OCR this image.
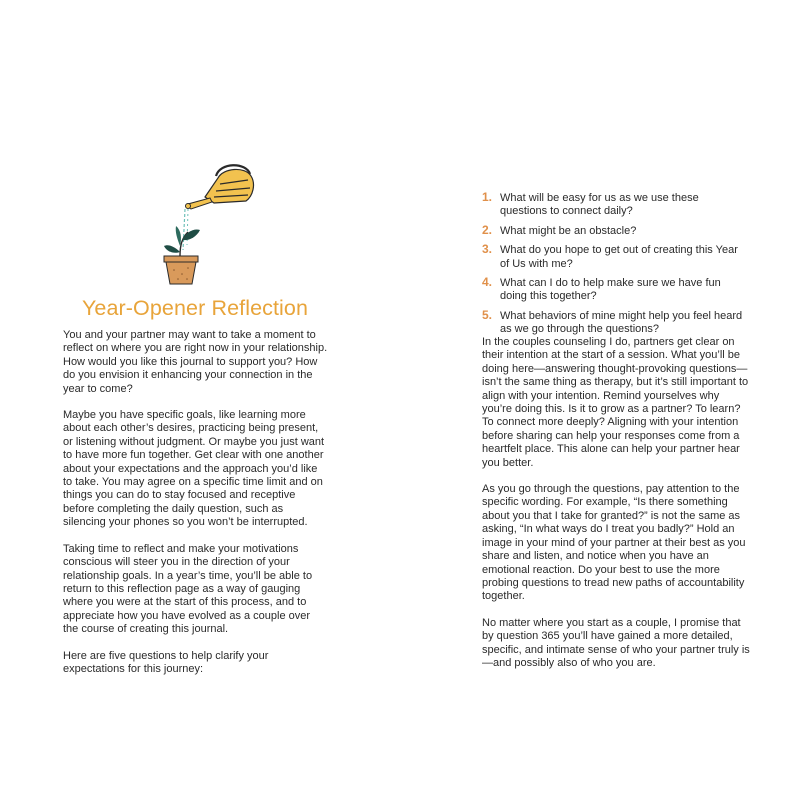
Year-Opener Reflection

You and your partner may want to take a moment to reflect on where you are right now in your relationship. How would you like this journal to support you? How do you envision it enhancing your connection in the year to come?

Maybe you have specific goals, like learning more about each other’s desires, practicing being present, or listening without judgment. Or maybe you just want to have more fun together. Get clear with one another about your expectations and the approach you’d like to take. You may agree on a specific time limit and on things you can do to stay focused and receptive before completing the daily question, such as silencing your phones so you won’t be interrupted.

Taking time to reflect and make your motivations conscious will steer you in the direction of your relationship goals. In a year’s time, you’ll be able to return to this reflection page as a way of gauging where you were at the start of this process, and to appreciate how you have evolved as a couple over the course of creating this journal.

Here are five questions to help clarify your expectations for this journey:

1. What will be easy for us as we use these questions to connect daily?
2. What might be an obstacle?
3. What do you hope to get out of creating this Year of Us with me?
4. What can I do to help make sure we have fun doing this together?
5. What behaviors of mine might help you feel heard as we go through the questions?

In the couples counseling I do, partners get clear on their intention at the start of a session. What you’ll be doing here—answering thought-provoking questions—isn’t the same thing as therapy, but it’s still important to align with your intention. Remind yourselves why you’re doing this. Is it to grow as a partner? To learn? To connect more deeply? Aligning with your intention before sharing can help your responses come from a heartfelt place. This alone can help your partner hear you better.

As you go through the questions, pay attention to the specific wording. For example, “Is there something about you that I take for granted?” is not the same as asking, “In what ways do I treat you badly?” Hold an image in your mind of your partner at their best as you share and listen, and notice when you have an emotional reaction. Do your best to use the more probing questions to tread new paths of accountability together.

No matter where you start as a couple, I promise that by question 365 you’ll have gained a more detailed, specific, and intimate sense of who your partner truly is—and possibly also of who you are.
